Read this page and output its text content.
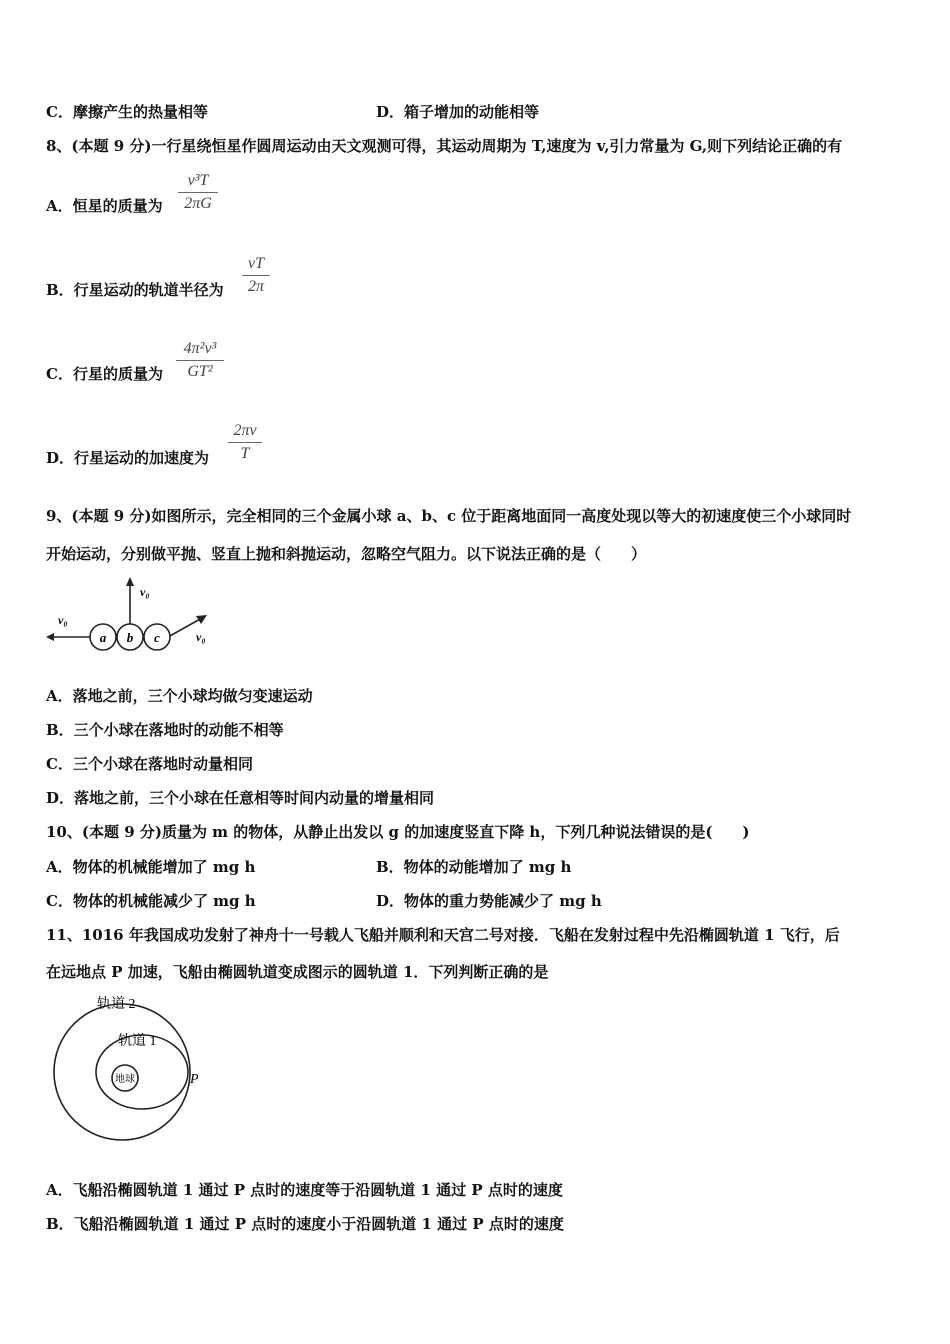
C．摩擦产生的热量相等	D．箱子增加的动能相等
8、(本题 9 分)一行星绕恒星作圆周运动由天文观测可得，其运动周期为 T,速度为 v,引力常量为 G,则下列结论正确的有
A．恒星的质量为
v³T
2πG
B．行星运动的轨道半径为
vT
2π
C．行星的质量为
4π²v³
GT²
D．行星运动的加速度为
2πv
T
9、(本题 9 分)如图所示，完全相同的三个金属小球 a、b、c 位于距离地面同一高度处现以等大的初速度使三个小球同时
开始运动，分别做平抛、竖直上抛和斜抛运动，忽略空气阻力。以下说法正确的是（　　）
v₀
v₀
v₀
a b c
A．落地之前，三个小球均做匀变速运动
B．三个小球在落地时的动能不相等
C．三个小球在落地时动量相同
D．落地之前，三个小球在任意相等时间内动量的增量相同
10、(本题 9 分)质量为 m 的物体，从静止出发以 g 的加速度竖直下降 h，下列几种说法错误的是(　　)
A．物体的机械能增加了 mg h	B．物体的动能增加了 mg h
C．物体的机械能减少了 mg h	D．物体的重力势能减少了 mg h
11、1016 年我国成功发射了神舟十一号载人飞船并顺利和天宫二号对接．飞船在发射过程中先沿椭圆轨道 1 飞行，后
在远地点 P 加速，飞船由椭圆轨道变成图示的圆轨道 1．下列判断正确的是
地球
轨道 2
轨道 1
P
A．飞船沿椭圆轨道 1 通过 P 点时的速度等于沿圆轨道 1 通过 P 点时的速度
B．飞船沿椭圆轨道 1 通过 P 点时的速度小于沿圆轨道 1 通过 P 点时的速度
